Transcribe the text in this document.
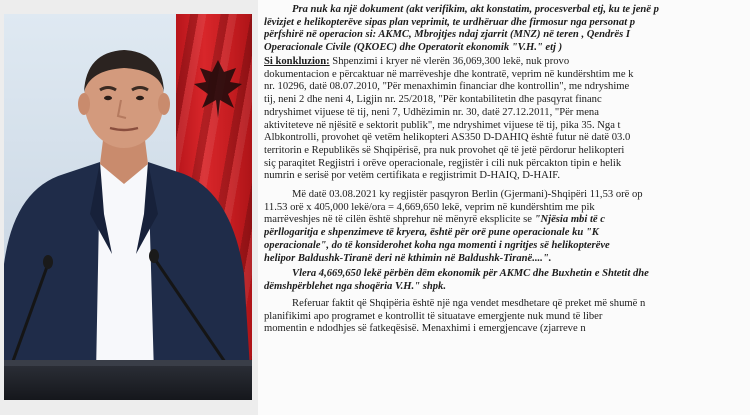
Pra nuk ka një dokument (akt verifikim, akt konstatim, procesverbal etj, ku te jenë p

lëvizjet e helikopterëve sipas plan veprimit, te urdhëruar dhe firmosur nga personat p

përfshirë në operacion si: AKMC, Mbrojtjes ndaj zjarrit (MNZ) në teren , Qendrës I

Operacionale Civile (QKOEC) dhe Operatorit ekonomik "V.H." etj )

Si konkluzion: Shpenzimi i kryer në vlerën 36,069,300 lekë, nuk provo

dokumentacion e përcaktuar në marrëveshje dhe kontratë, veprim në kundërshtim me k

nr. 10296, datë 08.07.2010, "Për menaxhimin financiar dhe kontrollin", me ndryshime

tij, neni 2 dhe neni 4, Ligjin nr. 25/2018, "Për kontabilitetin dhe pasqyrat financ

ndryshimet vijuese të tij, neni 7, Udhëzimin nr. 30, datë 27.12.2011, "Për mena

aktiviteteve në njësitë e sektorit publik", me ndryshimet vijuese të tij, pika 35. Nga t

Albkontrolli, provohet që vetëm helikopteri AS350 D-DAHIQ është futur në datë 03.0

territorin e Republikës së Shqipërisë, pra nuk provohet që të jetë përdorur helikopteri

siç paraqitet Regjistri i orëve operacionale, regjistër i cili nuk përcakton tipin e helik

numrin e serisë por vetëm certifikata e regjistrimit D-HAIQ, D-HAIF.

Më datë 03.08.2021 ky regjistër pasqyron Berlin (Gjermani)-Shqipëri 11,53 orë op

11.53 orë x 405,000 lekë/ora = 4,669,650 lekë, veprim në kundërshtim me pik

marrëveshjes në të cilën është shprehur në mënyrë eksplicite se "Njësia mbi të c

përllogaritja e shpenzimeve të kryera, është për orë pune operacionale ku "K

operacionale", do të konsiderohet koha nga momenti i ngritjes së helikopterëve

helipor Baldushk-Tiranë deri në kthimin në Baldushk-Tiranë....".

Vlera 4,669,650 lekë përbën dëm ekonomik për AKMC dhe Buxhetin e Shtetit dhe

dëmshpërblehet nga shoqëria V.H." shpk.

Referuar faktit që Shqipëria është një nga vendet mesdhetare që preket më shumë n

planifikimi apo programet e kontrollit të situatave emergjente nuk mund të liber

momentin e ndodhjes së fatkeqësisë. Menaxhimi i emergjencave (zjarreve n
